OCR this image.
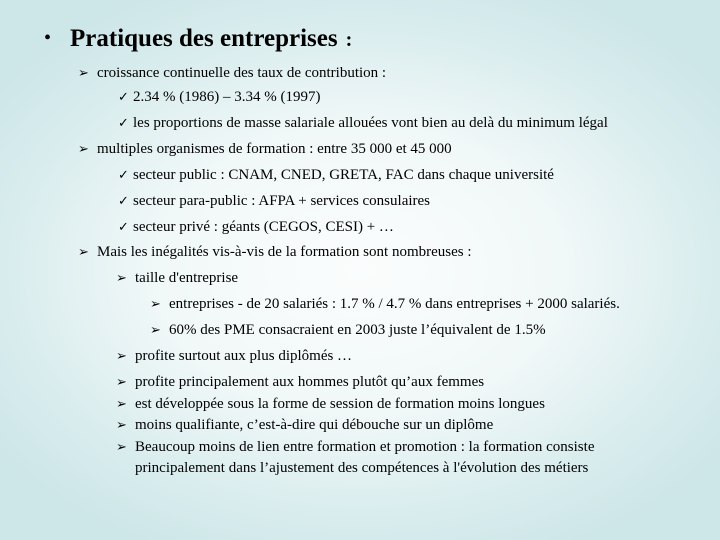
• Pratiques des entreprises :
➢ croissance continuelle des taux de contribution :
✓ 2.34 % (1986) – 3.34 % (1997)
✓ les proportions de masse salariale allouées vont bien au delà du minimum légal
➢ multiples organismes de formation : entre 35 000 et 45 000
✓ secteur public : CNAM, CNED, GRETA, FAC dans chaque université
✓ secteur para-public : AFPA + services consulaires
✓ secteur privé : géants (CEGOS, CESI) + …
➢ Mais les inégalités vis-à-vis de la formation sont nombreuses :
➢ taille d'entreprise
➢ entreprises - de 20 salariés : 1.7 % / 4.7 % dans entreprises + 2000 salariés.
➢ 60% des PME consacraient en 2003 juste l’équivalent de 1.5%
➢ profite surtout aux plus diplômés …
➢ profite principalement aux hommes plutôt qu’aux femmes
➢ est développée sous la forme de session de formation moins longues
➢ moins qualifiante, c’est-à-dire qui débouche sur un diplôme
➢ Beaucoup moins de lien entre formation et promotion : la formation consiste
principalement dans l’ajustement des compétences à l'évolution des métiers
